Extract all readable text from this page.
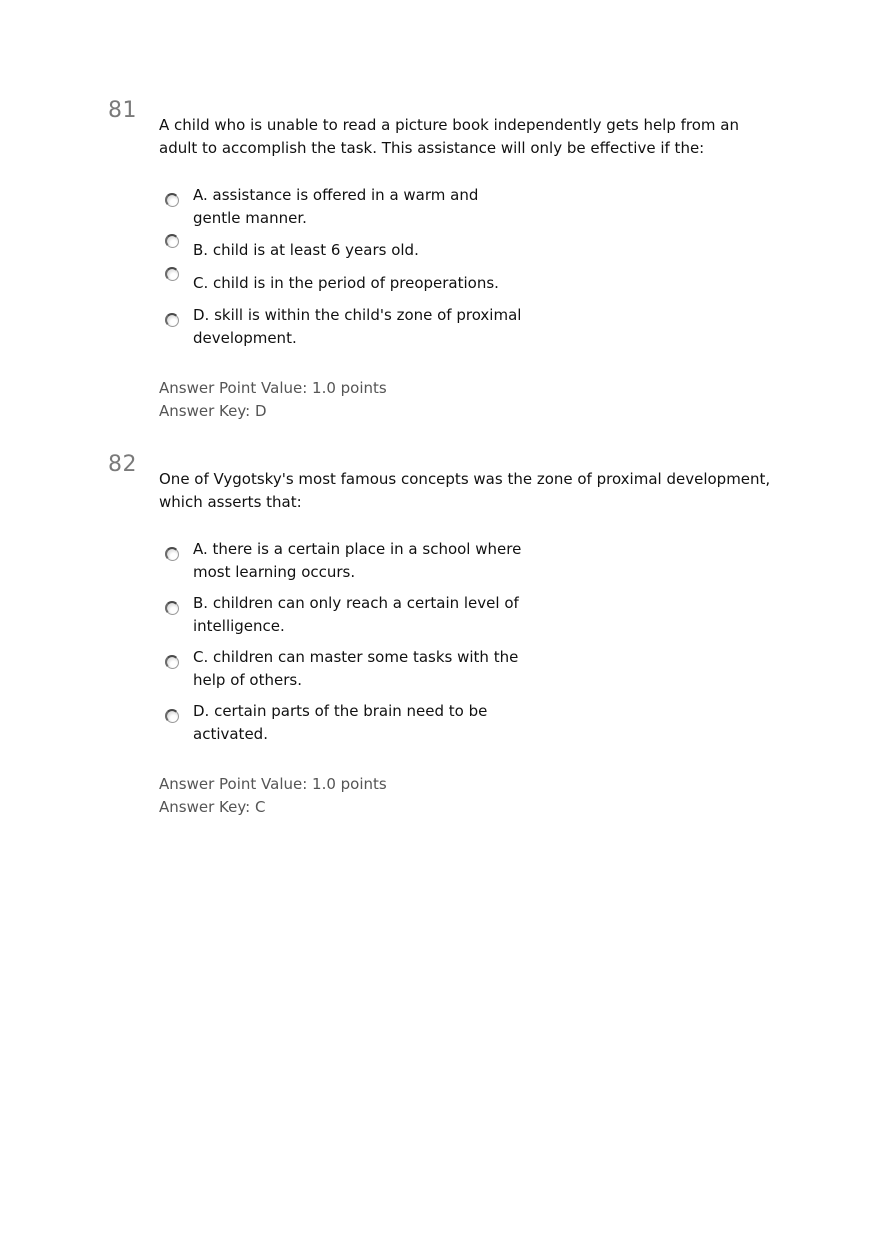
81
A child who is unable to read a picture book independently gets help from an adult to accomplish the task. This assistance will only be effective if the:
A. assistance is offered in a warm and gentle manner.
B. child is at least 6 years old.
C. child is in the period of preoperations.
D. skill is within the child's zone of proximal development.
Answer Point Value: 1.0 points
Answer Key: D
82
One of Vygotsky's most famous concepts was the zone of proximal development, which asserts that:
A. there is a certain place in a school where most learning occurs.
B. children can only reach a certain level of intelligence.
C. children can master some tasks with the help of others.
D. certain parts of the brain need to be activated.
Answer Point Value: 1.0 points
Answer Key: C
